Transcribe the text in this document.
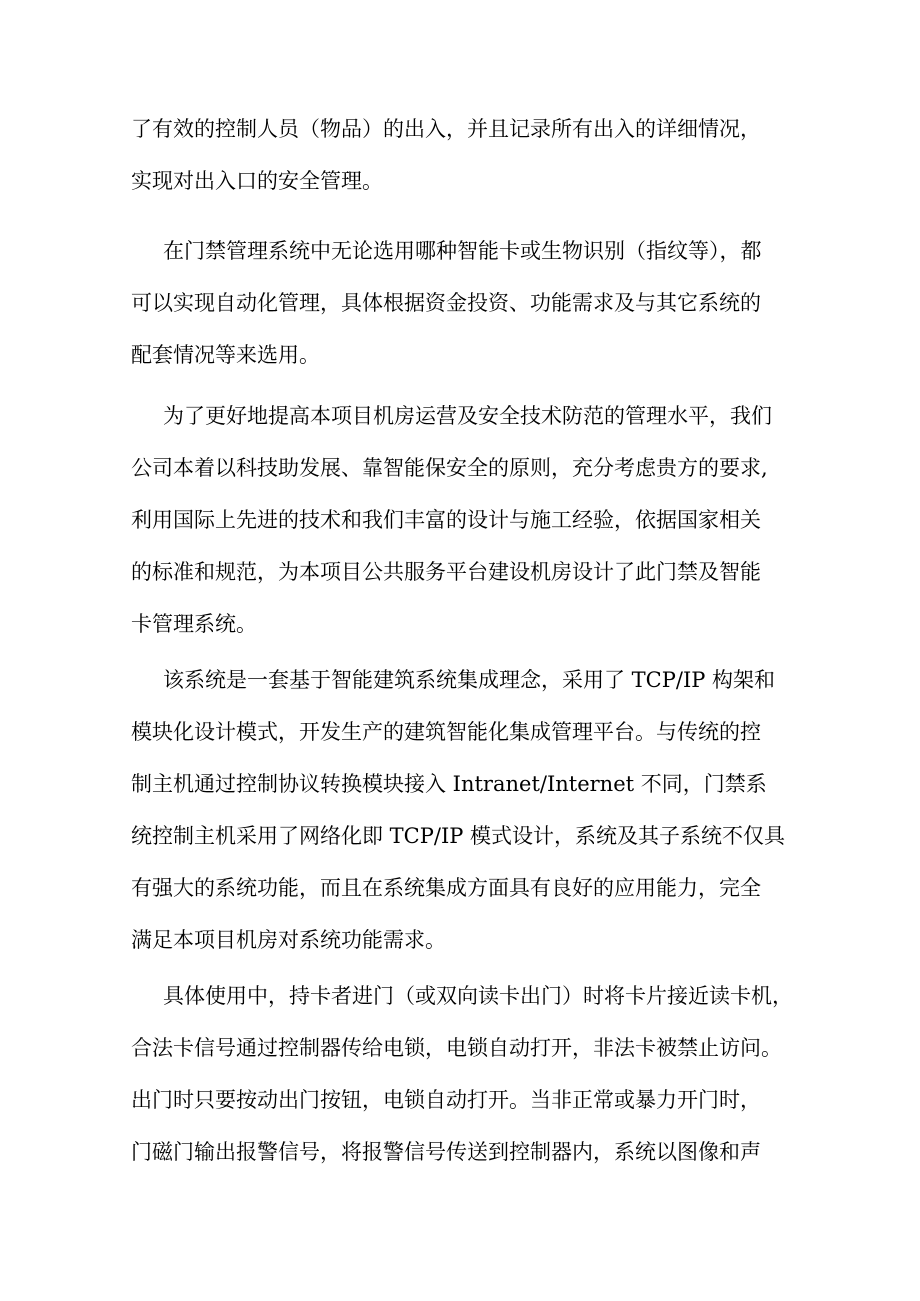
了有效的控制人员（物品）的出入，并且记录所有出入的详细情况，
实现对出入口的安全管理。
在门禁管理系统中无论选用哪种智能卡或生物识别（指纹等），都
可以实现自动化管理，具体根据资金投资、功能需求及与其它系统的
配套情况等来选用。
为了更好地提高本项目机房运营及安全技术防范的管理水平，我们
公司本着以科技助发展、靠智能保安全的原则，充分考虑贵方的要求,
利用国际上先进的技术和我们丰富的设计与施工经验，依据国家相关
的标准和规范，为本项目公共服务平台建设机房设计了此门禁及智能
卡管理系统。
该系统是一套基于智能建筑系统集成理念，采用了 TCP/IP 构架和
模块化设计模式，开发生产的建筑智能化集成管理平台。与传统的控
制主机通过控制协议转换模块接入 Intranet/Internet 不同，门禁系
统控制主机采用了网络化即 TCP/IP 模式设计，系统及其子系统不仅具
有强大的系统功能，而且在系统集成方面具有良好的应用能力，完全
满足本项目机房对系统功能需求。
具体使用中，持卡者进门（或双向读卡出门）时将卡片接近读卡机，
合法卡信号通过控制器传给电锁，电锁自动打开，非法卡被禁止访问。
出门时只要按动出门按钮，电锁自动打开。当非正常或暴力开门时，
门磁门输出报警信号，将报警信号传送到控制器内，系统以图像和声
